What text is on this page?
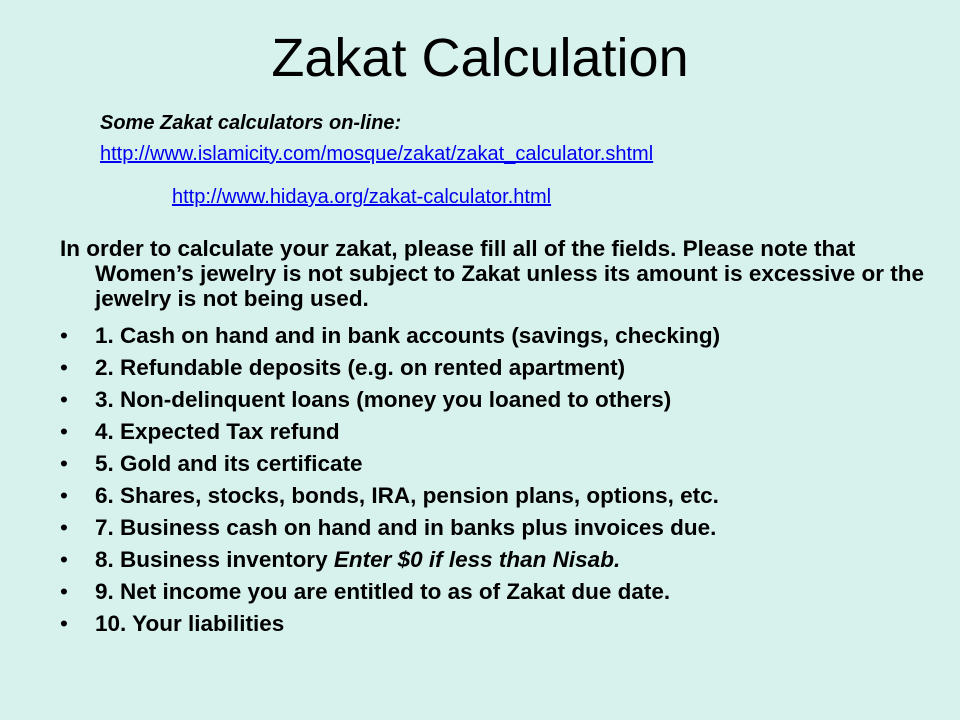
Zakat Calculation
Some Zakat calculators on-line:
http://www.islamicity.com/mosque/zakat/zakat_calculator.shtml
http://www.hidaya.org/zakat-calculator.html
In order to calculate your zakat, please fill all of the fields. Please note that Women’s jewelry is not subject to Zakat unless its amount is excessive or the jewelry is not being used.
• 1. Cash on hand and in bank accounts (savings, checking)
• 2. Refundable deposits (e.g. on rented apartment)
• 3. Non-delinquent loans (money you loaned to others)
• 4. Expected Tax refund
• 5. Gold and its certificate
• 6. Shares, stocks, bonds, IRA, pension plans, options, etc.
• 7. Business cash on hand and in banks plus invoices due.
• 8. Business inventory Enter $0 if less than Nisab.
• 9. Net income you are entitled to as of Zakat due date.
• 10. Your liabilities
